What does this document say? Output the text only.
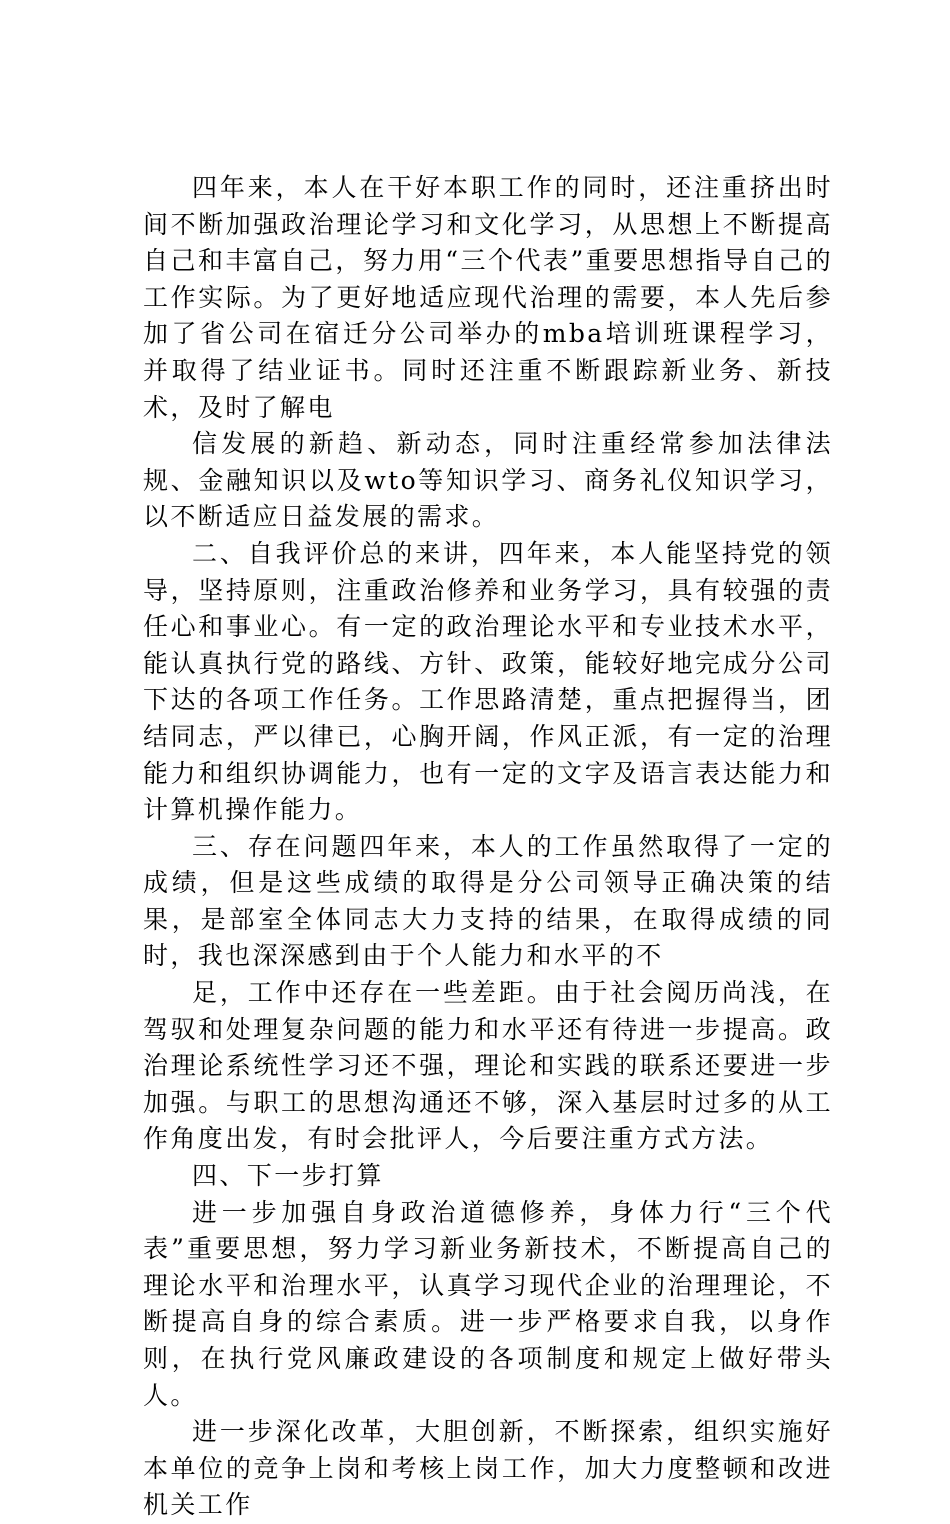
四年来，本人在干好本职工作的同时，还注重挤出时间不断加强政治理论学习和文化学习，从思想上不断提高自己和丰富自己，努力用“三个代表”重要思想指导自己的工作实际。为了更好地适应现代治理的需要，本人先后参加了省公司在宿迁分公司举办的mba培训班课程学习，并取得了结业证书。同时还注重不断跟踪新业务、新技术，及时了解电

信发展的新趋、新动态，同时注重经常参加法律法规、金融知识以及wto等知识学习、商务礼仪知识学习，以不断适应日益发展的需求。

二、自我评价总的来讲，四年来，本人能坚持党的领导，坚持原则，注重政治修养和业务学习，具有较强的责任心和事业心。有一定的政治理论水平和专业技术水平，能认真执行党的路线、方针、政策，能较好地完成分公司下达的各项工作任务。工作思路清楚，重点把握得当，团结同志，严以律已，心胸开阔，作风正派，有一定的治理能力和组织协调能力，也有一定的文字及语言表达能力和计算机操作能力。

三、存在问题四年来，本人的工作虽然取得了一定的成绩，但是这些成绩的取得是分公司领导正确决策的结果，是部室全体同志大力支持的结果，在取得成绩的同时，我也深深感到由于个人能力和水平的不

足，工作中还存在一些差距。由于社会阅历尚浅，在驾驭和处理复杂问题的能力和水平还有待进一步提高。政治理论系统性学习还不强，理论和实践的联系还要进一步加强。与职工的思想沟通还不够，深入基层时过多的从工作角度出发，有时会批评人，今后要注重方式方法。

四、下一步打算

进一步加强自身政治道德修养，身体力行“三个代表”重要思想，努力学习新业务新技术，不断提高自己的理论水平和治理水平，认真学习现代企业的治理理论，不断提高自身的综合素质。进一步严格要求自我，以身作则，在执行党风廉政建设的各项制度和规定上做好带头人。

进一步深化改革，大胆创新，不断探索，组织实施好本单位的竞争上岗和考核上岗工作，加大力度整顿和改进机关工作
